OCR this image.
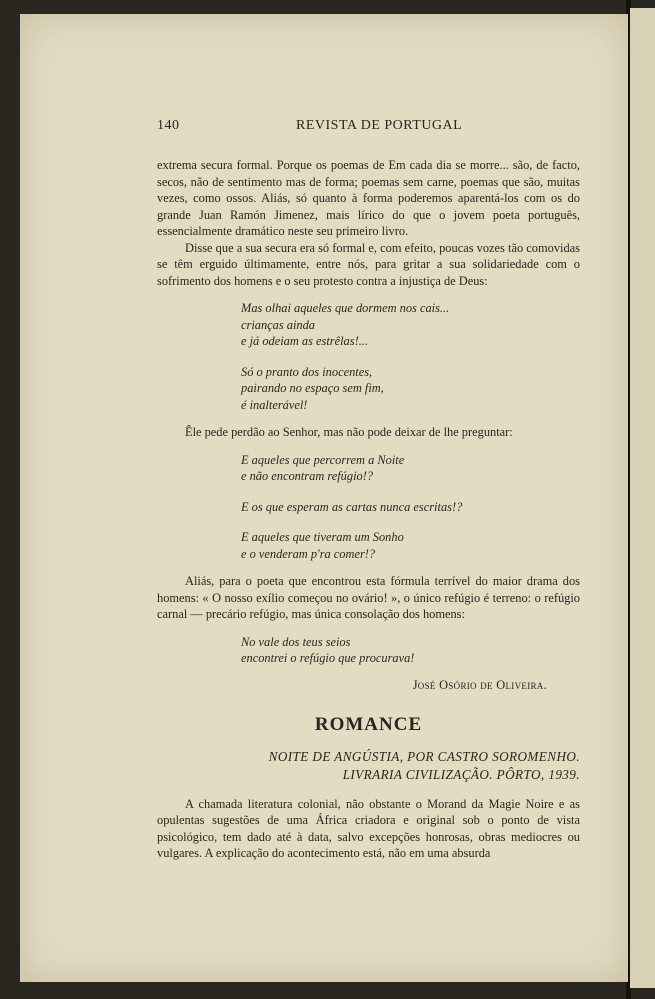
140	REVISTA DE PORTUGAL

extrema secura formal. Porque os poemas de Em cada dia se morre... são, de facto, secos, não de sentimento mas de forma; poemas sem carne, poemas que são, muitas vezes, como ossos. Aliás, só quanto à forma poderemos aparentá-los com os do grande Juan Ramón Jimenez, mais lírico do que o jovem poeta português, essencialmente dramático neste seu primeiro livro.

Disse que a sua secura era só formal e, com efeito, poucas vozes tão comovidas se têm erguido últimamente, entre nós, para gritar a sua solidariedade com o sofrimento dos homens e o seu protesto contra a injustiça de Deus:

Mas olhai aqueles que dormem nos cais...
crianças ainda
e já odeiam as estrêlas!...
Só o pranto dos inocentes,
pairando no espaço sem fim,
é inalterável!

Êle pede perdão ao Senhor, mas não pode deixar de lhe preguntar:

E aqueles que percorrem a Noite
e não encontram refúgio!?
E os que esperam as cartas nunca escritas!?
E aqueles que tiveram um Sonho
e o venderam p'ra comer!?

Aliás, para o poeta que encontrou esta fórmula terrível do maior drama dos homens: « O nosso exílio começou no ovário! », o único refúgio é terreno: o refúgio carnal — precário refúgio, mas única consolação dos homens:

No vale dos teus seios
encontrei o refúgio que procurava!
José Osório de Oliveira.
ROMANCE
NOITE DE ANGÚSTIA, POR CASTRO SOROMENHO. LIVRARIA CIVILIZAÇÃO. PÔRTO, 1939.

A chamada literatura colonial, não obstante o Morand da Magie Noire e as opulentas sugestões de uma África criadora e original sob o ponto de vista psicológico, tem dado até à data, salvo excepções honrosas, obras mediocres ou vulgares. A explicação do acontecimento está, não em uma absurda
